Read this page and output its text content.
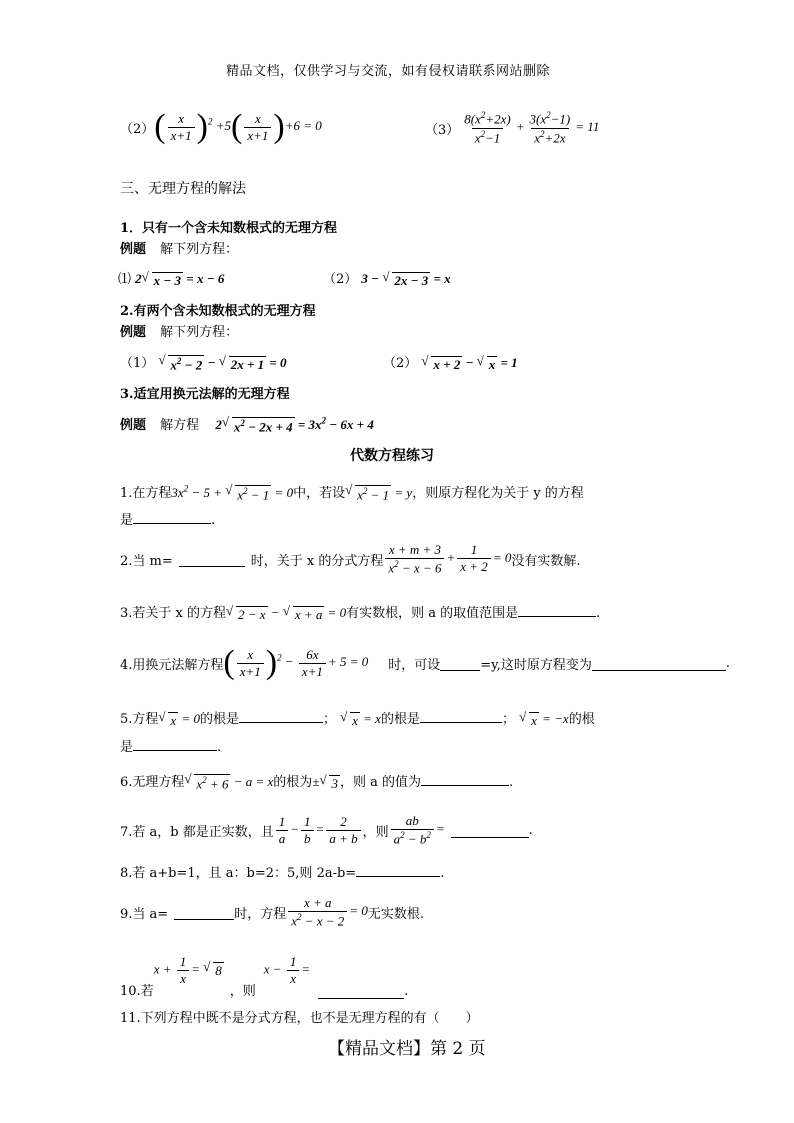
精品文档，仅供学习与交流，如有侵权请联系网站删除
（2） ( $\frac{x}{x+1} )^2 +5( \frac{x}{x+1} )+6 = 0$	$(3) \frac{8(x^2+2x)}{x^2-1} + \frac{3(x^2-1)}{x^2+2x} = 11$
三、无理方程的解法
1．只有一个含未知数根式的无理方程
例题 解下列方程：
⑴ 2 √ x − 3 = x − 6	（2） 3 − √ 2x − 3 = x
2.有两个含未知数根式的无理方程
例题 解下列方程：
（1） √ $x^2 - 2$ − √ 2x + 1 = 0	（2） √ x + 2 − √ x = 1
3.适宜用换元法解的无理方程
例题 解方程 2 √ $x^2 - 2x + 4 = 3x^2 - 6x + 4$
代数方程练习
1.在方程$3x^2 - 5$ + √ $x^2 - 1 = 0$中，若设 √ $x^2 - 1 = y$，则原方程化为关于 y 的方程
是	.
2.当 m=	时，关于 x 的分式方程 $\frac{x + m + 3}{x^2 - x - 6} + \frac{1}{x + 2} = 0$ 没有实数解.
3.若关于 x 的方程 √ 2 − x − √ x + a = 0有实数根，则 a 的取值范围是	.
4.用换元法解方程 ( $\frac{x}{x+1} )^2 - \frac{6x}{x+1} + 5 = 0$ 时，可设	=y,这时原方程变为	.
5.方程 √ x = 0的根是	； √ x = x的根是	； √ x = −x的根
是	.
6.无理方程 √ $x^2 + 6 - a = x$的根为± √ 3 ，则 a 的值为	.
7.若 a，b 都是正实数，且 $\frac{1}{a} - \frac{1}{b} = \frac{2}{a + b}$ ，则 $\frac{ab}{a^2 - b^2}$ =	.
8.若 a+b=1，且 a：b=2：5,则 2a-b=	.
9.当 a=	时，方程 $\frac{x + a}{x^2 - x - 2} = 0$ 无实数根.
10.若
$x + \frac{1}{x}$ = √ 8
，则
$x - \frac{1}{x}$ =
.
11.下列方程中既不是分式方程，也不是无理方程的有（　　）
【精品文档】第 2 页
